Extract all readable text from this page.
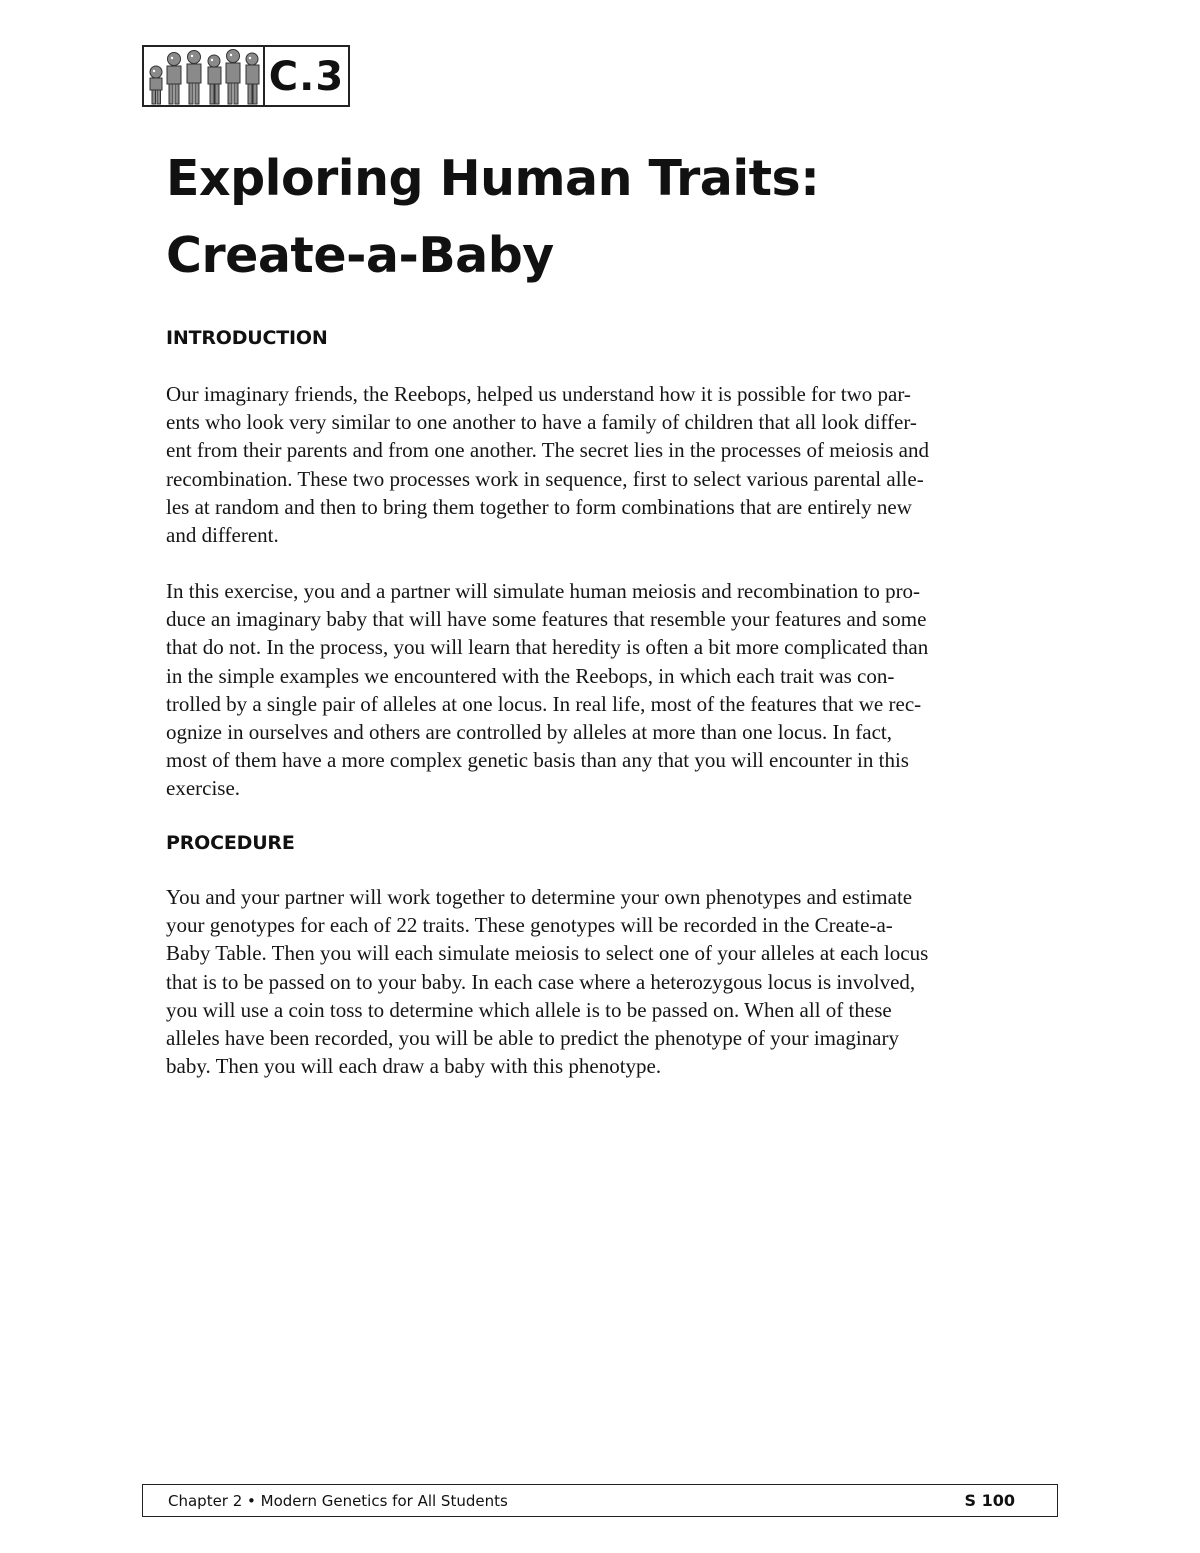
C.3
Exploring Human Traits:
Create-a-Baby
INTRODUCTION

Our imaginary friends, the Reebops, helped us understand how it is possible for two par-
ents who look very similar to one another to have a family of children that all look differ-
ent from their parents and from one another. The secret lies in the processes of meiosis and
recombination. These two processes work in sequence, first to select various parental alle-
les at random and then to bring them together to form combinations that are entirely new
and different.

In this exercise, you and a partner will simulate human meiosis and recombination to pro-
duce an imaginary baby that will have some features that resemble your features and some
that do not. In the process, you will learn that heredity is often a bit more complicated than
in the simple examples we encountered with the Reebops, in which each trait was con-
trolled by a single pair of alleles at one locus. In real life, most of the features that we rec-
ognize in ourselves and others are controlled by alleles at more than one locus. In fact,
most of them have a more complex genetic basis than any that you will encounter in this
exercise.

PROCEDURE

You and your partner will work together to determine your own phenotypes and estimate
your genotypes for each of 22 traits. These genotypes will be recorded in the Create-a-
Baby Table. Then you will each simulate meiosis to select one of your alleles at each locus
that is to be passed on to your baby. In each case where a heterozygous locus is involved,
you will use a coin toss to determine which allele is to be passed on. When all of these
alleles have been recorded, you will be able to predict the phenotype of your imaginary
baby. Then you will each draw a baby with this phenotype.

Chapter 2 • Modern Genetics for All Students	S 100
